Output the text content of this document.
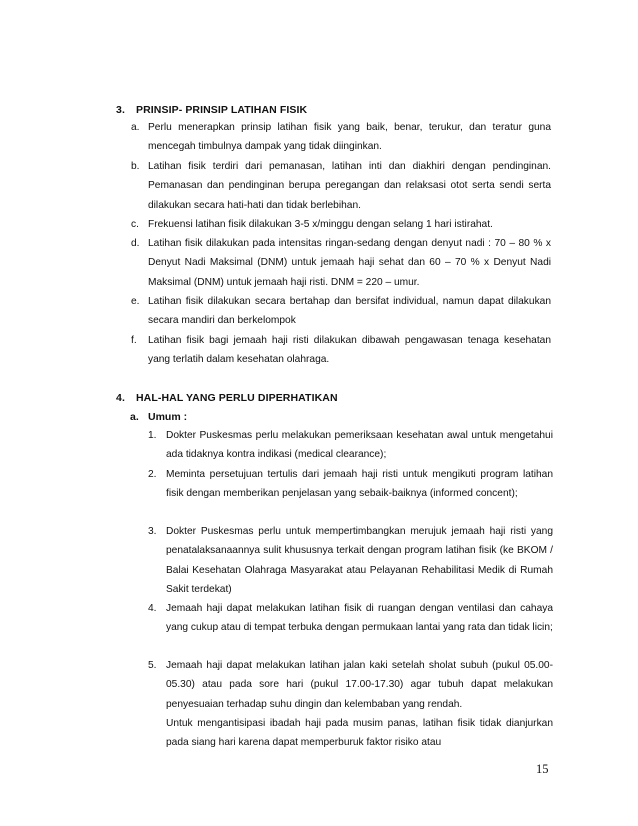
3. PRINSIP- PRINSIP LATIHAN FISIK
a. Perlu menerapkan prinsip latihan fisik yang baik, benar, terukur, dan teratur guna mencegah timbulnya dampak yang tidak diinginkan.
b. Latihan fisik terdiri dari pemanasan, latihan inti dan diakhiri dengan pendinginan. Pemanasan dan pendinginan berupa peregangan dan relaksasi otot serta sendi serta dilakukan secara hati-hati dan tidak berlebihan.
c. Frekuensi latihan fisik dilakukan 3-5 x/minggu dengan selang 1 hari istirahat.
d. Latihan fisik dilakukan pada intensitas ringan-sedang dengan denyut nadi : 70 – 80 % x Denyut Nadi Maksimal (DNM) untuk jemaah haji sehat dan 60 – 70 % x Denyut Nadi Maksimal (DNM) untuk jemaah haji risti. DNM = 220 – umur.
e. Latihan fisik dilakukan secara bertahap dan bersifat individual, namun dapat dilakukan secara mandiri dan berkelompok
f. Latihan fisik bagi jemaah haji risti dilakukan dibawah pengawasan tenaga kesehatan yang terlatih dalam kesehatan olahraga.
4. HAL-HAL YANG PERLU DIPERHATIKAN
a. Umum :
1. Dokter Puskesmas perlu melakukan pemeriksaan kesehatan awal untuk mengetahui ada tidaknya kontra indikasi (medical clearance);
2. Meminta persetujuan tertulis dari jemaah haji risti untuk mengikuti program latihan fisik dengan memberikan penjelasan yang sebaik-baiknya (informed concent);
3. Dokter Puskesmas perlu untuk mempertimbangkan merujuk jemaah haji risti yang penatalaksanaannya sulit khususnya terkait dengan program latihan fisik (ke BKOM / Balai Kesehatan Olahraga Masyarakat atau Pelayanan Rehabilitasi Medik di Rumah Sakit terdekat)
4. Jemaah haji dapat melakukan latihan fisik di ruangan dengan ventilasi dan cahaya yang cukup atau di tempat terbuka dengan permukaan lantai yang rata dan tidak licin;
5. Jemaah haji dapat melakukan latihan jalan kaki setelah sholat subuh (pukul 05.00-05.30) atau pada sore hari (pukul 17.00-17.30) agar tubuh dapat melakukan penyesuaian terhadap suhu dingin dan kelembaban yang rendah.
Untuk mengantisipasi ibadah haji pada musim panas, latihan fisik tidak dianjurkan pada siang hari karena dapat memperburuk faktor risiko atau
15
